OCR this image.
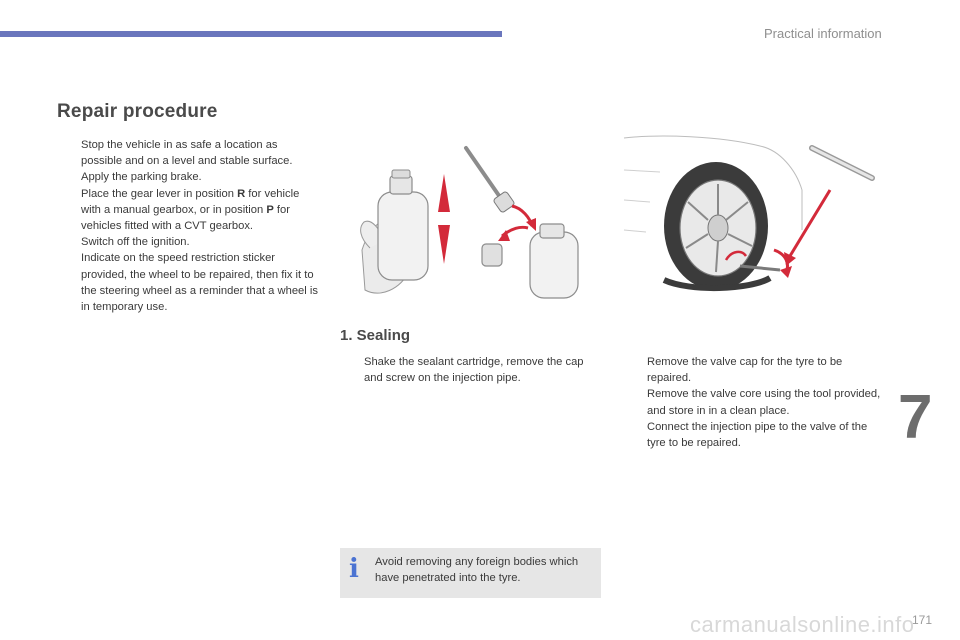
Practical information
Repair procedure
Stop the vehicle in as safe a location as possible and on a level and stable surface.
Apply the parking brake.
Place the gear lever in position R for vehicle with a manual gearbox, or in position P for vehicles fitted with a CVT gearbox.
Switch off the ignition.
Indicate on the speed restriction sticker provided, the wheel to be repaired, then fix it to the steering wheel as a reminder that a wheel is in temporary use.
1. Sealing
Shake the sealant cartridge, remove the cap and screw on the injection pipe.
Remove the valve cap for the tyre to be repaired.
Remove the valve core using the tool provided, and store in in a clean place.
Connect the injection pipe to the valve of the tyre to be repaired.
i Avoid removing any foreign bodies which have penetrated into the tyre.
7
carmanualsonline.info
171
